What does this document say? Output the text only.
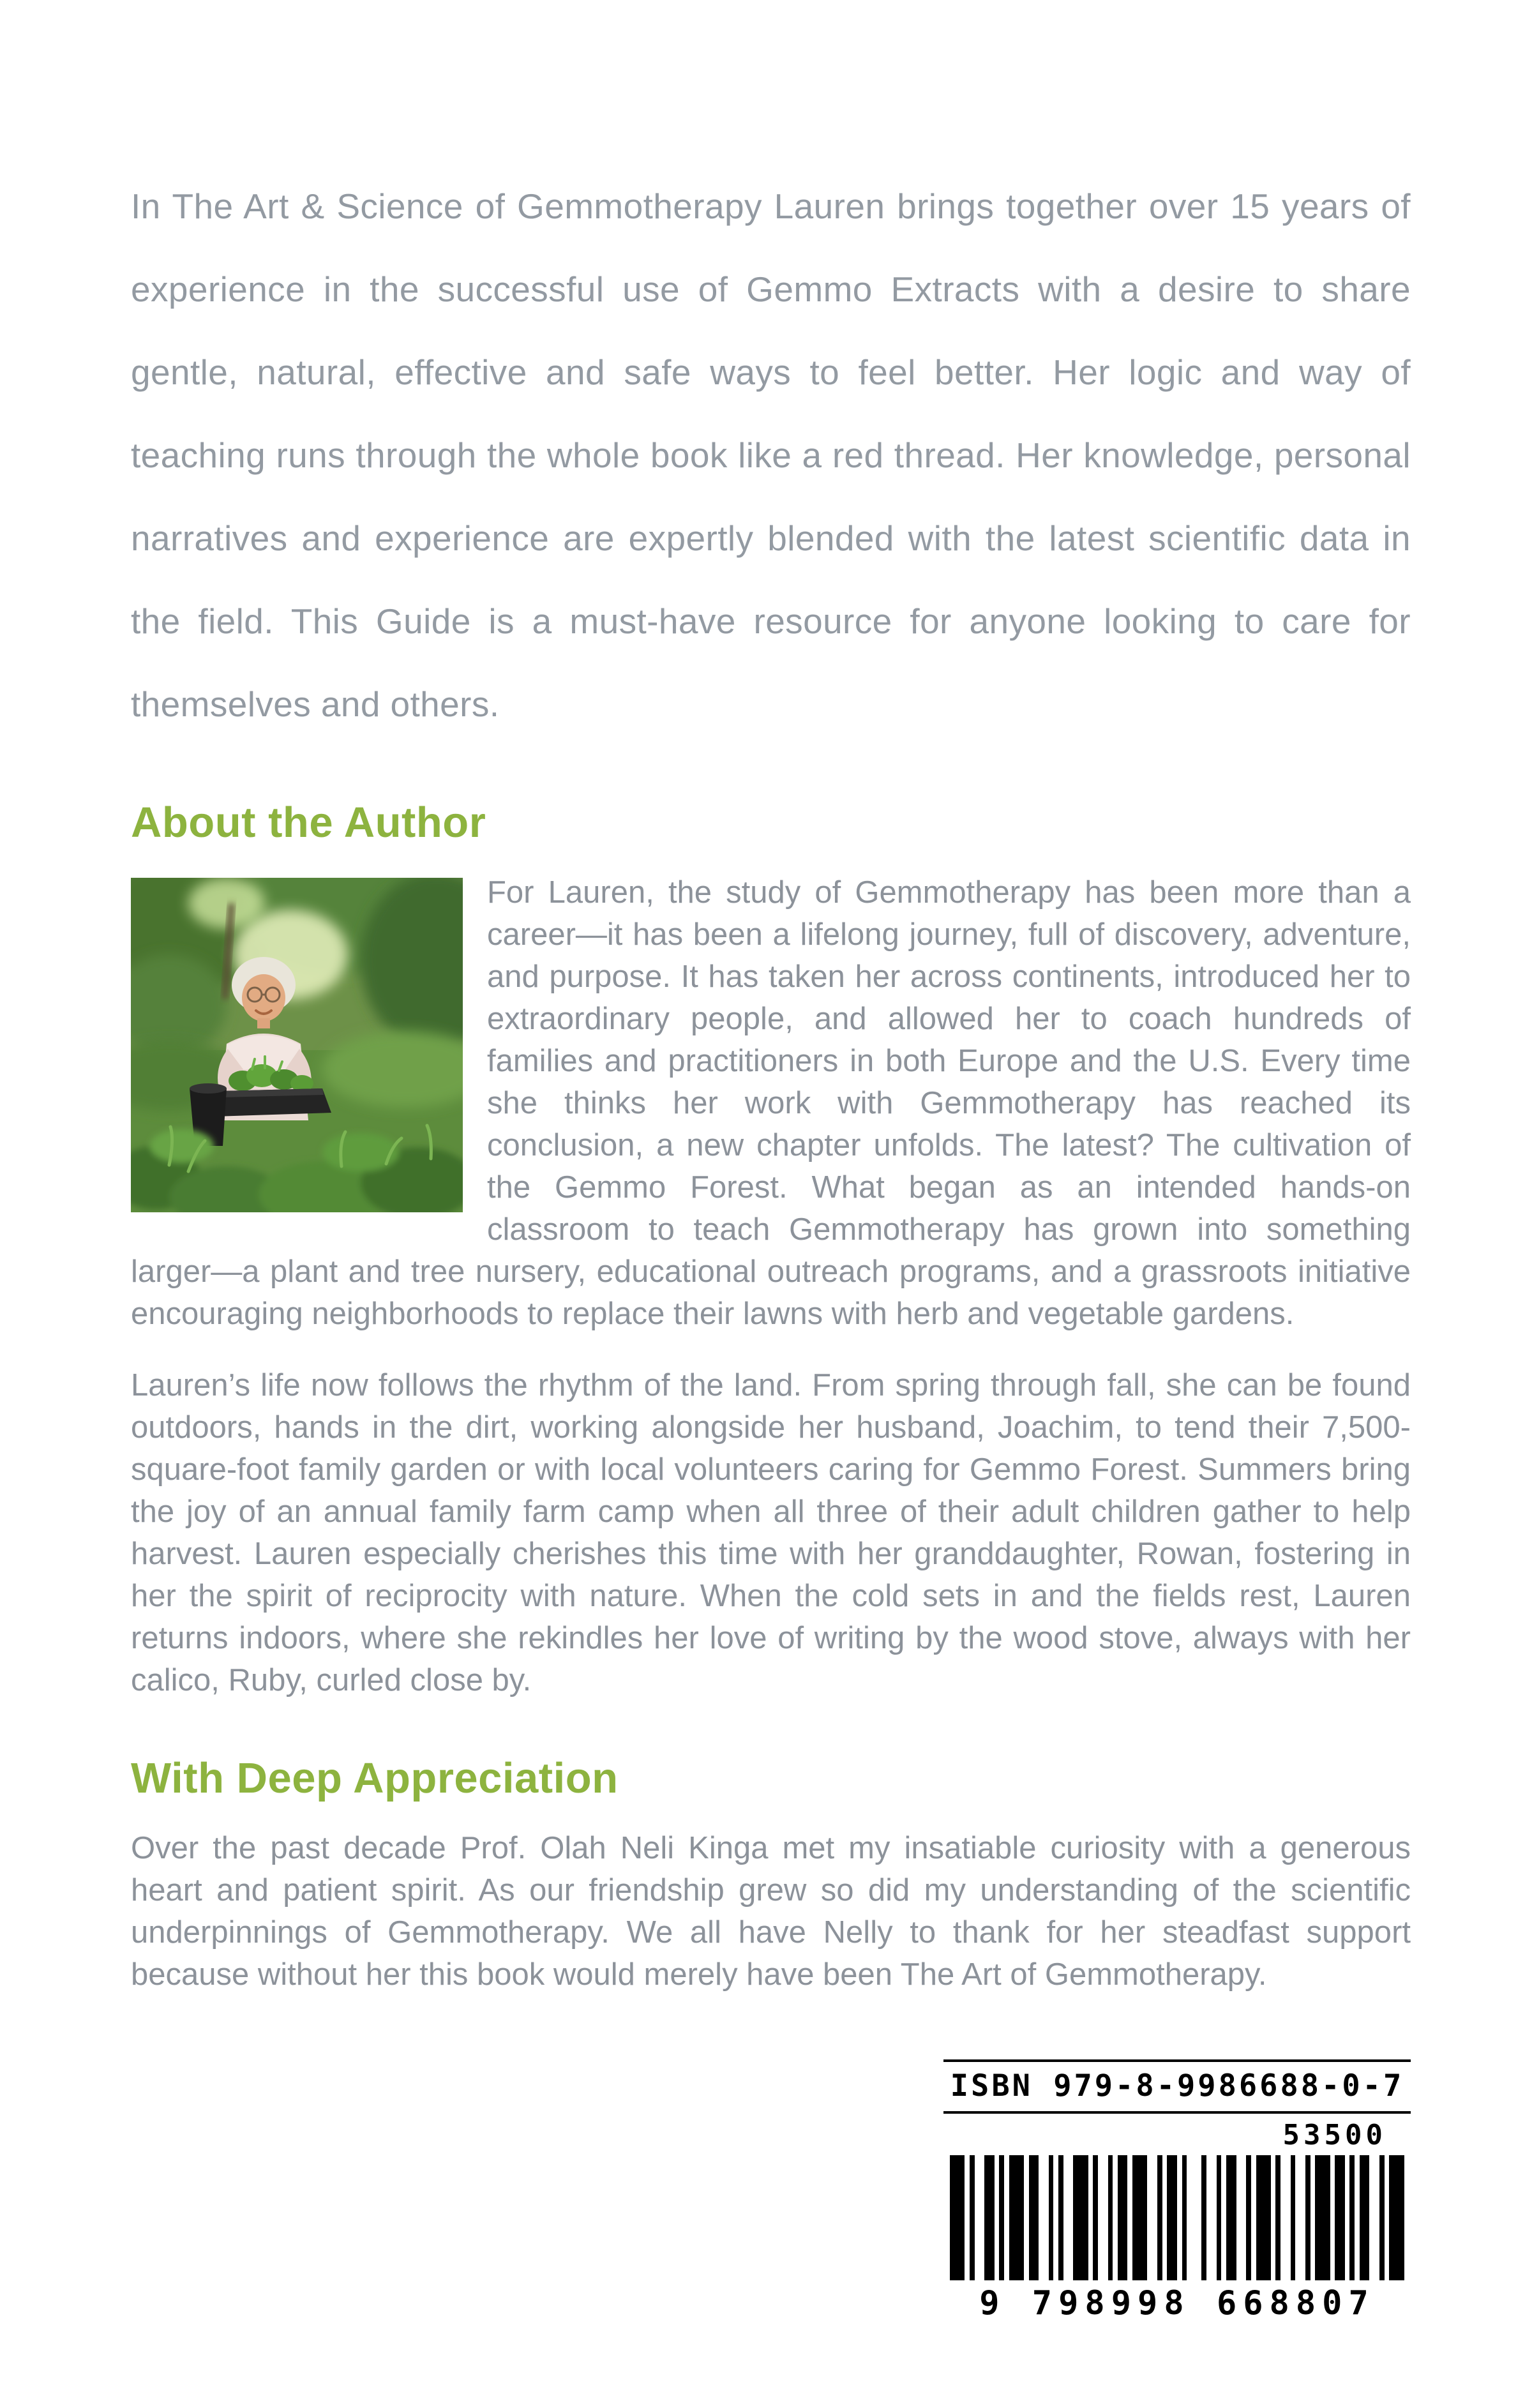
In The Art & Science of Gemmotherapy Lauren brings together over 15 years of experience in the successful use of Gemmo Extracts with a desire to share gentle, natural, effective and safe ways to feel better. Her logic and way of teaching runs through the whole book like a red thread. Her knowledge, personal narratives and experience are expertly blended with the latest scientific data in the field. This Guide is a must-have resource for anyone looking to care for themselves and others.

About the Author

For Lauren, the study of Gemmotherapy has been more than a career—it has been a lifelong journey, full of discovery, adventure, and purpose. It has taken her across continents, introduced her to extraordinary people, and allowed her to coach hundreds of families and practitioners in both Europe and the U.S. Every time she thinks her work with Gemmotherapy has reached its conclusion, a new chapter unfolds. The latest? The cultivation of the Gemmo Forest. What began as an intended hands-on classroom to teach Gemmotherapy has grown into something larger—a plant and tree nursery, educational outreach programs, and a grassroots initiative encouraging neighborhoods to replace their lawns with herb and vegetable gardens.

Lauren’s life now follows the rhythm of the land. From spring through fall, she can be found outdoors, hands in the dirt, working alongside her husband, Joachim, to tend their 7,500-square-foot family garden or with local volunteers caring for Gemmo Forest. Summers bring the joy of an annual family farm camp when all three of their adult children gather to help harvest. Lauren especially cherishes this time with her granddaughter, Rowan, fostering in her the spirit of reciprocity with nature. When the cold sets in and the fields rest, Lauren returns indoors, where she rekindles her love of writing by the wood stove, always with her calico, Ruby, curled close by.

With Deep Appreciation

Over the past decade Prof. Olah Neli Kinga met my insatiable curiosity with a generous heart and patient spirit. As our friendship grew so did my understanding of the scientific underpinnings of Gemmotherapy. We all have Nelly to thank for her steadfast support because without her this book would merely have been The Art of Gemmotherapy.

ISBN 979-8-9986688-0-7
53500
9 798998 668807
